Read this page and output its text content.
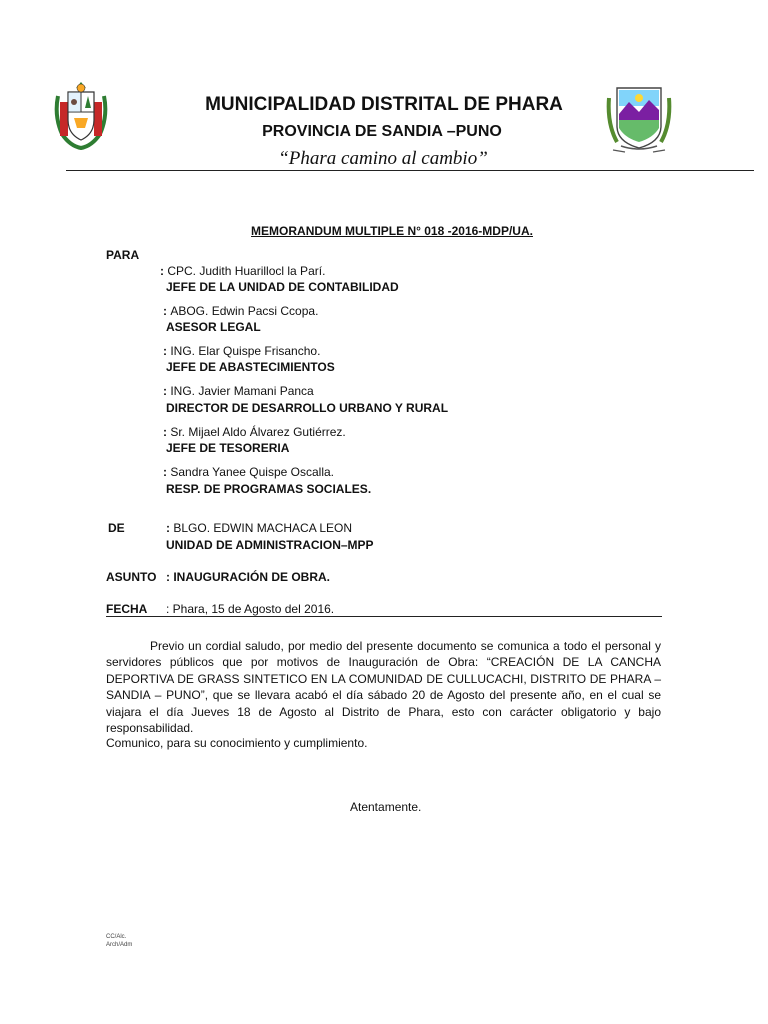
MUNICIPALIDAD DISTRITAL DE PHARA
PROVINCIA DE SANDIA –PUNO
“Phara camino al cambio”
MEMORANDUM MULTIPLE N° 018 -2016-MDP/UA.
PARA
: CPC. Judith Huarillocl la Parí.
JEFE DE LA UNIDAD DE CONTABILIDAD
: ABOG. Edwin Pacsi Ccopa.
ASESOR LEGAL
: ING. Elar Quispe Frisancho.
JEFE DE ABASTECIMIENTOS
: ING. Javier Mamani Panca
DIRECTOR DE DESARROLLO URBANO Y RURAL
: Sr. Mijael Aldo Álvarez Gutiérrez.
JEFE DE TESORERIA
: Sandra Yanee Quispe Oscalla.
RESP. DE PROGRAMAS SOCIALES.
DE	: BLGO. EDWIN MACHACA LEON
UNIDAD DE ADMINISTRACION–MPP
ASUNTO : INAUGURACIÓN DE OBRA.
FECHA : Phara, 15 de Agosto del 2016.
Previo un cordial saludo, por medio del presente documento se comunica a todo el personal y servidores públicos que por motivos de Inauguración de Obra: “CREACIÓN DE LA CANCHA DEPORTIVA DE GRASS SINTETICO EN LA COMUNIDAD DE CULLUCACHI, DISTRITO DE PHARA – SANDIA – PUNO”, que se llevara acabó el día sábado 20 de Agosto del presente año, en el cual se viajara el día Jueves 18 de Agosto al Distrito de Phara, esto con carácter obligatorio y bajo responsabilidad.
Comunico, para su conocimiento y cumplimiento.
Atentamente.
CC/Alc.
Arch/Adm
